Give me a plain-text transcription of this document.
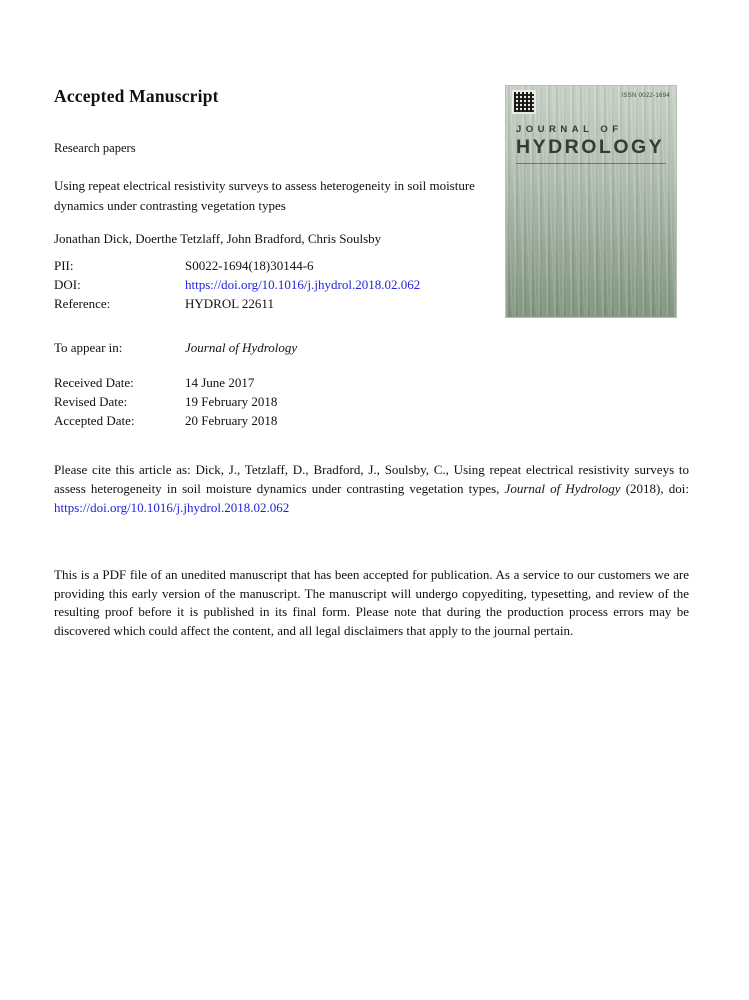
Accepted Manuscript	ISSN 0022-1694
JOURNAL OF
HYDROLOGY
Research papers
Using repeat electrical resistivity surveys to assess heterogeneity in soil moisture dynamics under contrasting vegetation types
Jonathan Dick, Doerthe Tetzlaff, John Bradford, Chris Soulsby
PII:	S0022-1694(18)30144-6
DOI:	https://doi.org/10.1016/j.jhydrol.2018.02.062
Reference:	HYDROL 22611
To appear in:	Journal of Hydrology
Received Date:	14 June 2017
Revised Date:	19 February 2018
Accepted Date:	20 February 2018

Please cite this article as: Dick, J., Tetzlaff, D., Bradford, J., Soulsby, C., Using repeat electrical resistivity surveys to assess heterogeneity in soil moisture dynamics under contrasting vegetation types, Journal of Hydrology (2018), doi: https://doi.org/10.1016/j.jhydrol.2018.02.062

This is a PDF file of an unedited manuscript that has been accepted for publication. As a service to our customers we are providing this early version of the manuscript. The manuscript will undergo copyediting, typesetting, and review of the resulting proof before it is published in its final form. Please note that during the production process errors may be discovered which could affect the content, and all legal disclaimers that apply to the journal pertain.
